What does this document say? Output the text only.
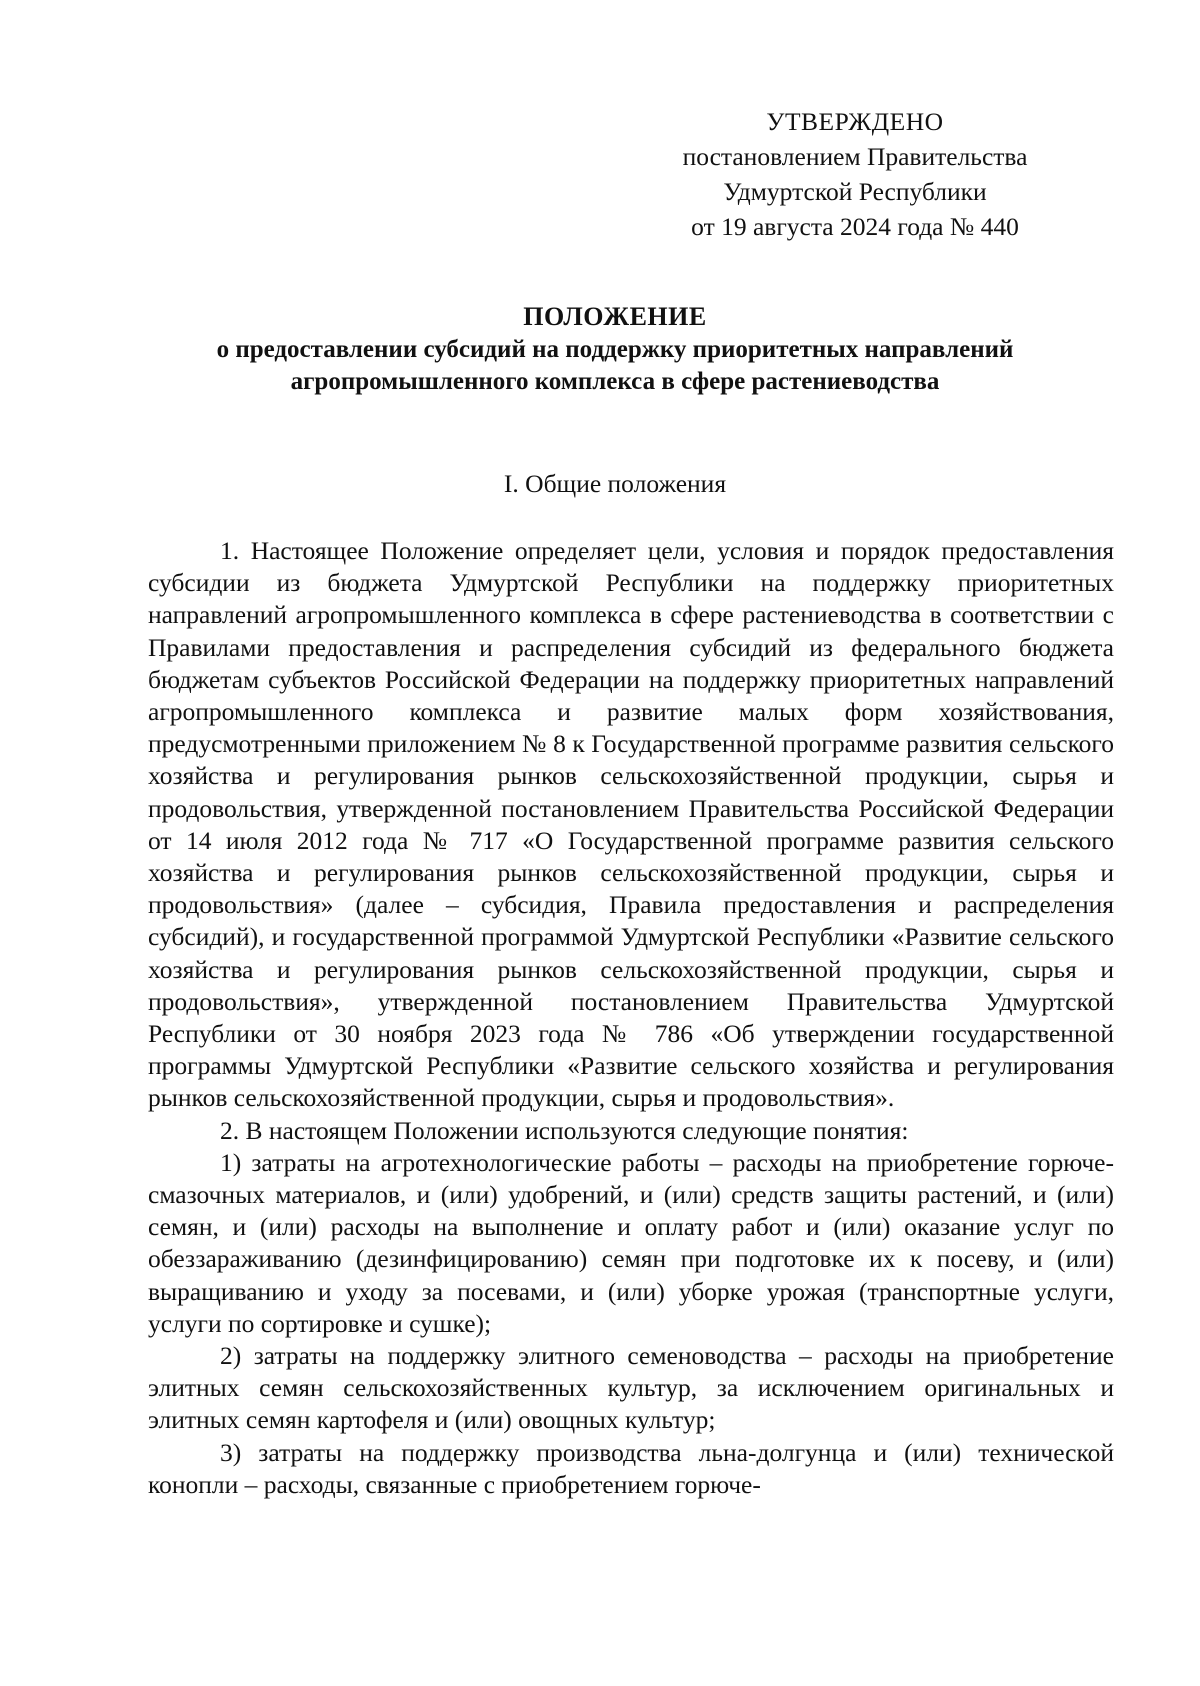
УТВЕРЖДЕНО
постановлением Правительства
Удмуртской Республики
от 19 августа 2024 года № 440
ПОЛОЖЕНИЕ
о предоставлении субсидий на поддержку приоритетных направлений
агропромышленного комплекса в сфере растениеводства
I. Общие положения

1. Настоящее Положение определяет цели, условия и порядок предоставления субсидии из бюджета Удмуртской Республики на поддержку приоритетных направлений агропромышленного комплекса в сфере растениеводства в соответствии с Правилами предоставления и распределения субсидий из федерального бюджета бюджетам субъектов Российской Федерации на поддержку приоритетных направлений агропромышленного комплекса и развитие малых форм хозяйствования, предусмотренными приложением № 8 к Государственной программе развития сельского хозяйства и регулирования рынков сельскохозяйственной продукции, сырья и продовольствия, утвержденной постановлением Правительства Российской Федерации от 14 июля 2012 года № 717 «О Государственной программе развития сельского хозяйства и регулирования рынков сельскохозяйственной продукции, сырья и продовольствия» (далее – субсидия, Правила предоставления и распределения субсидий), и государственной программой Удмуртской Республики «Развитие сельского хозяйства и регулирования рынков сельскохозяйственной продукции, сырья и продовольствия», утвержденной постановлением Правительства Удмуртской Республики от 30 ноября 2023 года № 786 «Об утверждении государственной программы Удмуртской Республики «Развитие сельского хозяйства и регулирования рынков сельскохозяйственной продукции, сырья и продовольствия».

2. В настоящем Положении используются следующие понятия:

1) затраты на агротехнологические работы – расходы на приобретение горюче-смазочных материалов, и (или) удобрений, и (или) средств защиты растений, и (или) семян, и (или) расходы на выполнение и оплату работ и (или) оказание услуг по обеззараживанию (дезинфицированию) семян при подготовке их к посеву, и (или) выращиванию и уходу за посевами, и (или) уборке урожая (транспортные услуги, услуги по сортировке и сушке);

2) затраты на поддержку элитного семеноводства – расходы на приобретение элитных семян сельскохозяйственных культур, за исключением оригинальных и элитных семян картофеля и (или) овощных культур;

3) затраты на поддержку производства льна-долгунца и (или) технической конопли – расходы, связанные с приобретением горюче-
